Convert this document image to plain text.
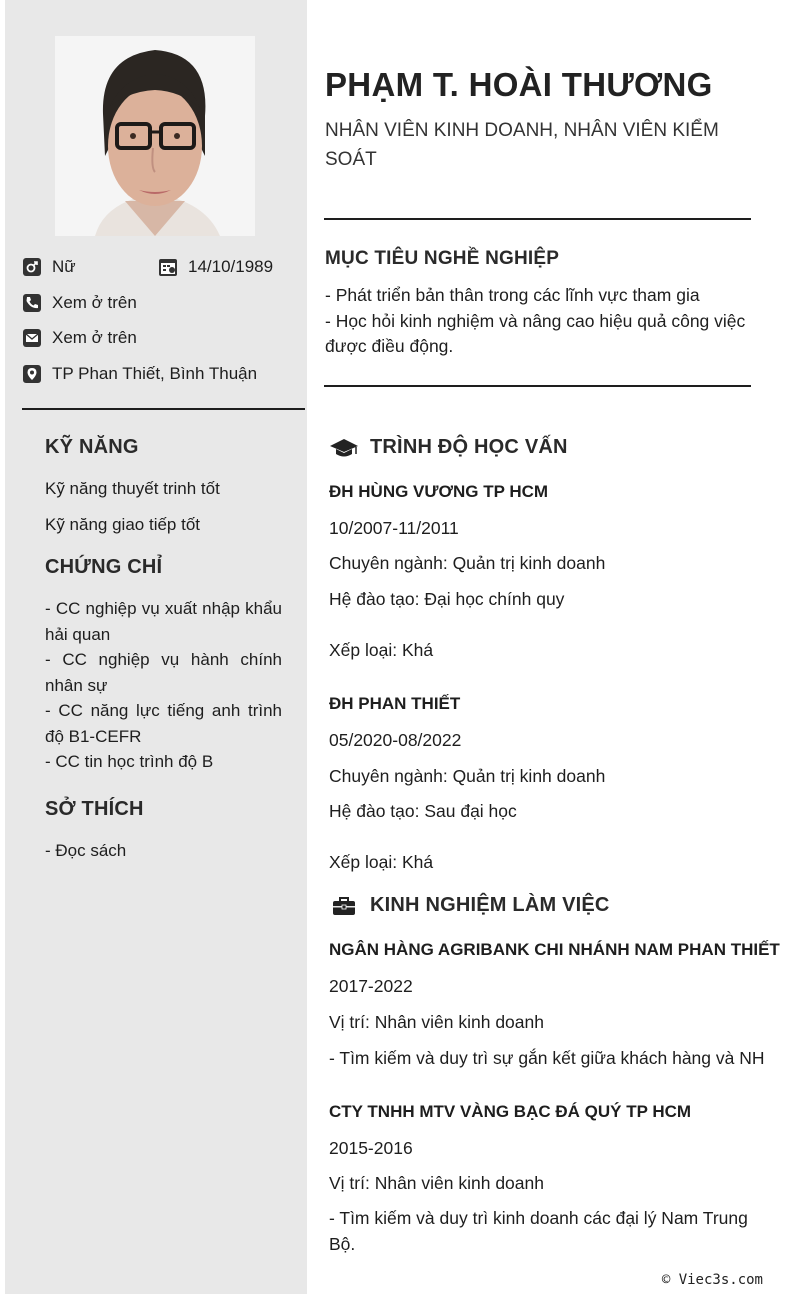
Nữ	14/10/1989
Xem ở trên
Xem ở trên
TP Phan Thiết, Bình Thuận
KỸ NĂNG
Kỹ năng thuyết trinh tốt
Kỹ năng giao tiếp tốt
CHỨNG CHỈ
- CC nghiệp vụ xuất nhập khẩu hải quan
- CC nghiệp vụ hành chính nhân sự
- CC năng lực tiếng anh trình độ B1-CEFR
- CC tin học trình độ B
SỞ THÍCH
- Đọc sách
PHẠM T. HOÀI THƯƠNG
NHÂN VIÊN KINH DOANH, NHÂN VIÊN KIỂM SOÁT
MỤC TIÊU NGHỀ NGHIỆP
- Phát triển bản thân trong các lĩnh vực tham gia
- Học hỏi kinh nghiệm và nâng cao hiệu quả công việc được điều động.
TRÌNH ĐỘ HỌC VẤN
ĐH HÙNG VƯƠNG TP HCM
10/2007-11/2011
Chuyên ngành: Quản trị kinh doanh
Hệ đào tạo: Đại học chính quy
Xếp loại: Khá
ĐH PHAN THIẾT
05/2020-08/2022
Chuyên ngành: Quản trị kinh doanh
Hệ đào tạo: Sau đại học
Xếp loại: Khá
KINH NGHIỆM LÀM VIỆC
NGÂN HÀNG AGRIBANK CHI NHÁNH NAM PHAN THIẾT
2017-2022
Vị trí: Nhân viên kinh doanh
- Tìm kiếm và duy trì sự gắn kết giữa khách hàng và NH
CTY TNHH MTV VÀNG BẠC ĐÁ QUÝ TP HCM
2015-2016
Vị trí: Nhân viên kinh doanh
- Tìm kiếm và duy trì kinh doanh các đại lý Nam Trung Bộ.
© Viec3s.com
